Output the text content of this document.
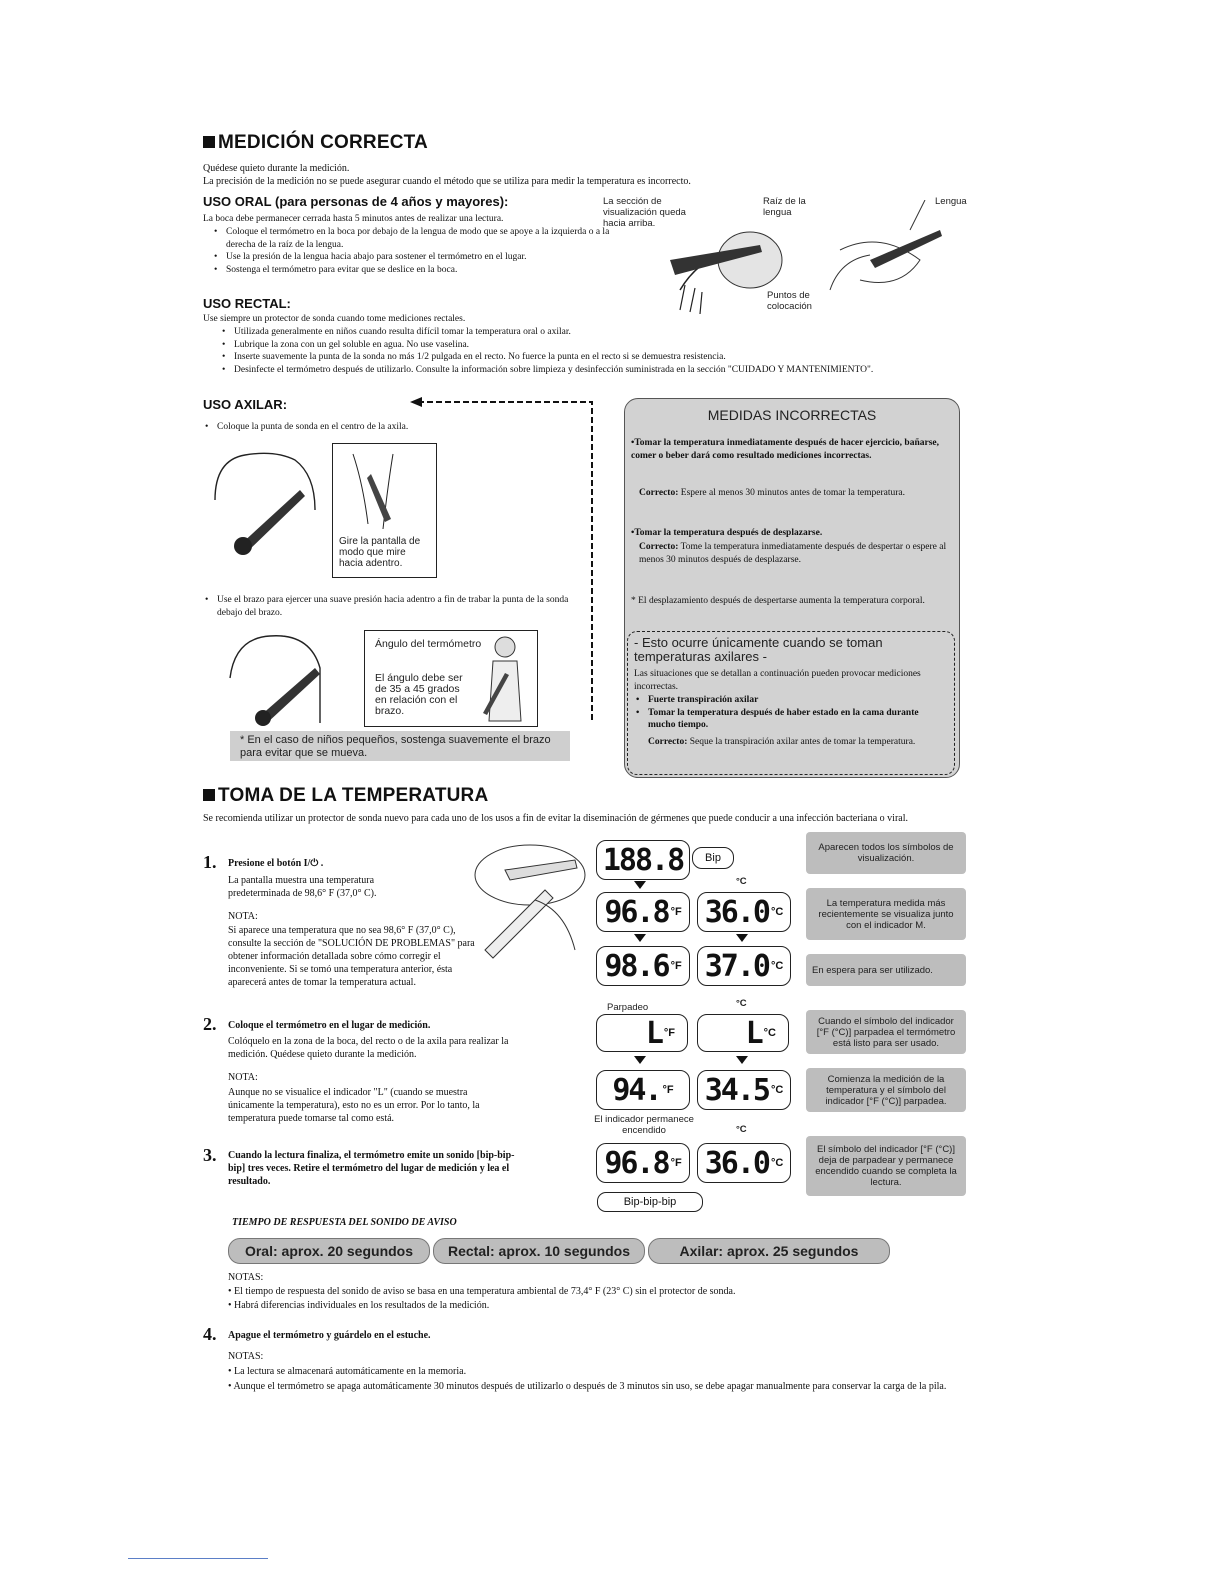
MEDICIÓN CORRECTA
Quédese quieto durante la medición.
La precisión de la medición no se puede asegurar cuando el método que se utiliza para medir la temperatura es incorrecto.
USO ORAL (para personas de 4 años y mayores):
La boca debe permanecer cerrada hasta 5 minutos antes de realizar una lectura.
• Coloque el termómetro en la boca por debajo de la lengua de modo que se apoye a la izquierda o a la derecha de la raíz de la lengua.
• Use la presión de la lengua hacia abajo para sostener el termómetro en el lugar.
• Sostenga el termómetro para evitar que se deslice en la boca.
La sección de visualización queda hacia arriba.
Raíz de la lengua
Puntos de colocación
Lengua
USO RECTAL:
Use siempre un protector de sonda cuando tome mediciones rectales.
• Utilizada generalmente en niños cuando resulta difícil tomar la temperatura oral o axilar.
• Lubrique la zona con un gel soluble en agua. No use vaselina.
• Inserte suavemente la punta de la sonda no más 1/2 pulgada en el recto. No fuerce la punta en el recto si se demuestra resistencia.
• Desinfecte el termómetro después de utilizarlo. Consulte la información sobre limpieza y desinfección suministrada en la sección "CUIDADO Y MANTENIMIENTO".
USO AXILAR:
• Coloque la punta de sonda en el centro de la axila.
Gire la pantalla de modo que mire hacia adentro.
• Use el brazo para ejercer una suave presión hacia adentro a fin de trabar la punta de la sonda debajo del brazo.
Ángulo del termómetro
El ángulo debe ser de 35 a 45 grados en relación con el brazo.
* En el caso de niños pequeños, sostenga suavemente el brazo para evitar que se mueva.
MEDIDAS INCORRECTAS
•Tomar la temperatura inmediatamente después de hacer ejercicio, bañarse, comer o beber dará como resultado mediciones incorrectas.
Correcto: Espere al menos 30 minutos antes de tomar la temperatura.
•Tomar la temperatura después de desplazarse.
Correcto: Tome la temperatura inmediatamente después de despertar o espere al menos 30 minutos después de desplazarse.
* El desplazamiento después de despertarse aumenta la temperatura corporal.
- Esto ocurre únicamente cuando se toman temperaturas axilares -
Las situaciones que se detallan a continuación pueden provocar mediciones incorrectas.
• Fuerte transpiración axilar
• Tomar la temperatura después de haber estado en la cama durante mucho tiempo.
Correcto: Seque la transpiración axilar antes de tomar la temperatura.
TOMA DE LA TEMPERATURA
Se recomienda utilizar un protector de sonda nuevo para cada uno de los usos a fin de evitar la diseminación de gérmenes que puede conducir a una infección bacteriana o viral.
1. Presione el botón I/⏻ .
La pantalla muestra una temperatura predeterminada de 98,6° F (37,0° C).
NOTA:
Si aparece una temperatura que no sea 98,6° F (37,0° C), consulte la sección de "SOLUCIÓN DE PROBLEMAS" para obtener información detallada sobre cómo corregir el inconveniente. Si se tomó una temperatura anterior, ésta aparecerá antes de tomar la temperatura actual.
2. Coloque el termómetro en el lugar de medición.
Colóquelo en la zona de la boca, del recto o de la axila para realizar la medición. Quédese quieto durante la medición.
NOTA:
Aunque no se visualice el indicador "L" (cuando se muestra únicamente la temperatura), esto no es un error. Por lo tanto, la temperatura puede tomarse tal como está.
3. Cuando la lectura finaliza, el termómetro emite un sonido [bip-bip-bip] tres veces. Retire el termómetro del lugar de medición y lea el resultado.
188.8	Bip
°C
96.8 °F 36.0 °C
98.6 °F 37.0 °C
Parpadeo	°C
L °F L °C
94. °F 34.5 °C
El indicador permanece encendido	°C
96.8 °F 36.0 °C
Bip-bip-bip
Aparecen todos los símbolos de visualización.
La temperatura medida más recientemente se visualiza junto con el indicador M.
En espera para ser utilizado.
Cuando el símbolo del indicador [°F (°C)] parpadea el termómetro está listo para ser usado.
Comienza la medición de la temperatura y el símbolo del indicador [°F (°C)] parpadea.
El símbolo del indicador [°F (°C)] deja de parpadear y permanece encendido cuando se completa la lectura.
TIEMPO DE RESPUESTA DEL SONIDO DE AVISO
Oral: aprox. 20 segundos	Rectal: aprox. 10 segundos	Axilar: aprox. 25 segundos
NOTAS:
• El tiempo de respuesta del sonido de aviso se basa en una temperatura ambiental de 73,4° F (23° C) sin el protector de sonda.
• Habrá diferencias individuales en los resultados de la medición.
4. Apague el termómetro y guárdelo en el estuche.
NOTAS:
• La lectura se almacenará automáticamente en la memoria.
• Aunque el termómetro se apaga automáticamente 30 minutos después de utilizarlo o después de 3 minutos sin uso, se debe apagar manualmente para conservar la carga de la pila.
